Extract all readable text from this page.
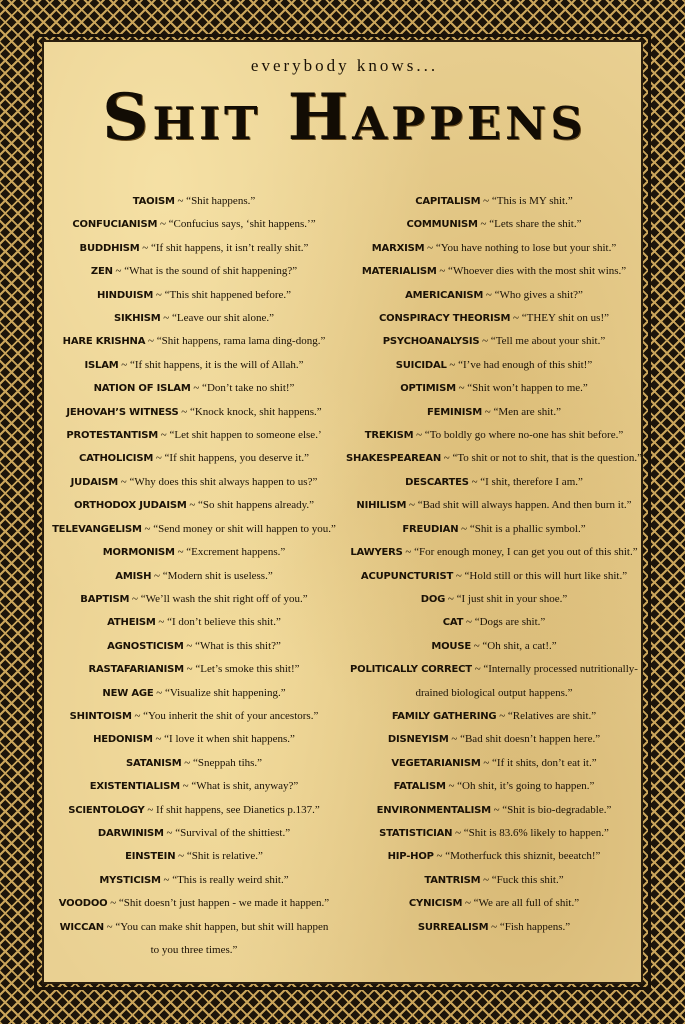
everybody knows...
Shit Happens
TAOISM ~ “Shit happens.”
CONFUCIANISM ~ “Confucius says, ‘shit happens.’”
BUDDHISM ~ “If shit happens, it isn’t really shit.”
ZEN ~ “What is the sound of shit happening?”
HINDUISM ~ “This shit happened before.”
SIKHISM ~ “Leave our shit alone.”
HARE KRISHNA ~ “Shit happens, rama lama ding-dong.”
ISLAM ~ “If shit happens, it is the will of Allah.”
NATION OF ISLAM ~ “Don’t take no shit!”
JEHOVAH’S WITNESS ~ “Knock knock, shit happens.”
PROTESTANTISM ~ “Let shit happen to someone else.’
CATHOLICISM ~ “If shit happens, you deserve it.”
JUDAISM ~ “Why does this shit always happen to us?”
ORTHODOX JUDAISM ~ “So shit happens already.”
TELEVANGELISM ~ “Send money or shit will happen to you.”
MORMONISM ~ “Excrement happens.”
AMISH ~ “Modern shit is useless.”
BAPTISM ~ “We’ll wash the shit right off of you.”
ATHEISM ~ “I don’t believe this shit.”
AGNOSTICISM ~ “What is this shit?”
RASTAFARIANISM ~ “Let’s smoke this shit!”
NEW AGE ~ “Visualize shit happening.”
SHINTOISM ~ “You inherit the shit of your ancestors.”
HEDONISM ~ “I love it when shit happens.”
SATANISM ~ “Sneppah tihs.”
EXISTENTIALISM ~ “What is shit, anyway?”
SCIENTOLOGY ~ If shit happens, see Dianetics p.137.”
DARWINISM ~ “Survival of the shittiest.”
EINSTEIN ~ “Shit is relative.”
MYSTICISM ~ “This is really weird shit.”
VOODOO ~ “Shit doesn’t just happen - we made it happen.”
WICCAN ~ “You can make shit happen, but shit will happen
to you three times.”
CAPITALISM ~ “This is MY shit.”
COMMUNISM ~ “Lets share the shit.”
MARXISM ~ “You have nothing to lose but your shit.”
MATERIALISM ~ “Whoever dies with the most shit wins.”
AMERICANISM ~ “Who gives a shit?”
CONSPIRACY THEORISM ~ “THEY shit on us!”
PSYCHOANALYSIS ~ “Tell me about your shit.”
SUICIDAL ~ “I’ve had enough of this shit!”
OPTIMISM ~ “Shit won’t happen to me.”
FEMINISM ~ “Men are shit.”
TREKISM ~ “To boldly go where no-one has shit before.”
SHAKESPEAREAN ~ “To shit or not to shit, that is the question.”
DESCARTES ~ “I shit, therefore I am.”
NIHILISM ~ “Bad shit will always happen. And then burn it.”
FREUDIAN ~ “Shit is a phallic symbol.”
LAWYERS ~ “For enough money, I can get you out of this shit.”
ACUPUNCTURIST ~ “Hold still or this will hurt like shit.”
DOG ~ “I just shit in your shoe.”
CAT ~ “Dogs are shit.”
MOUSE ~ “Oh shit, a cat!.”
POLITICALLY CORRECT ~ “Internally processed nutritionally-
drained biological output happens.”
FAMILY GATHERING ~ “Relatives are shit.”
DISNEYISM ~ “Bad shit doesn’t happen here.”
VEGETARIANISM ~ “If it shits, don’t eat it.”
FATALISM ~ “Oh shit, it’s going to happen.”
ENVIRONMENTALISM ~ “Shit is bio-degradable.”
STATISTICIAN ~ “Shit is 83.6% likely to happen.”
HIP-HOP ~ “Motherfuck this shiznit, beeatch!”
TANTRISM ~ “Fuck this shit.”
CYNICISM ~ “We are all full of shit.”
SURREALISM ~ “Fish happens.”
